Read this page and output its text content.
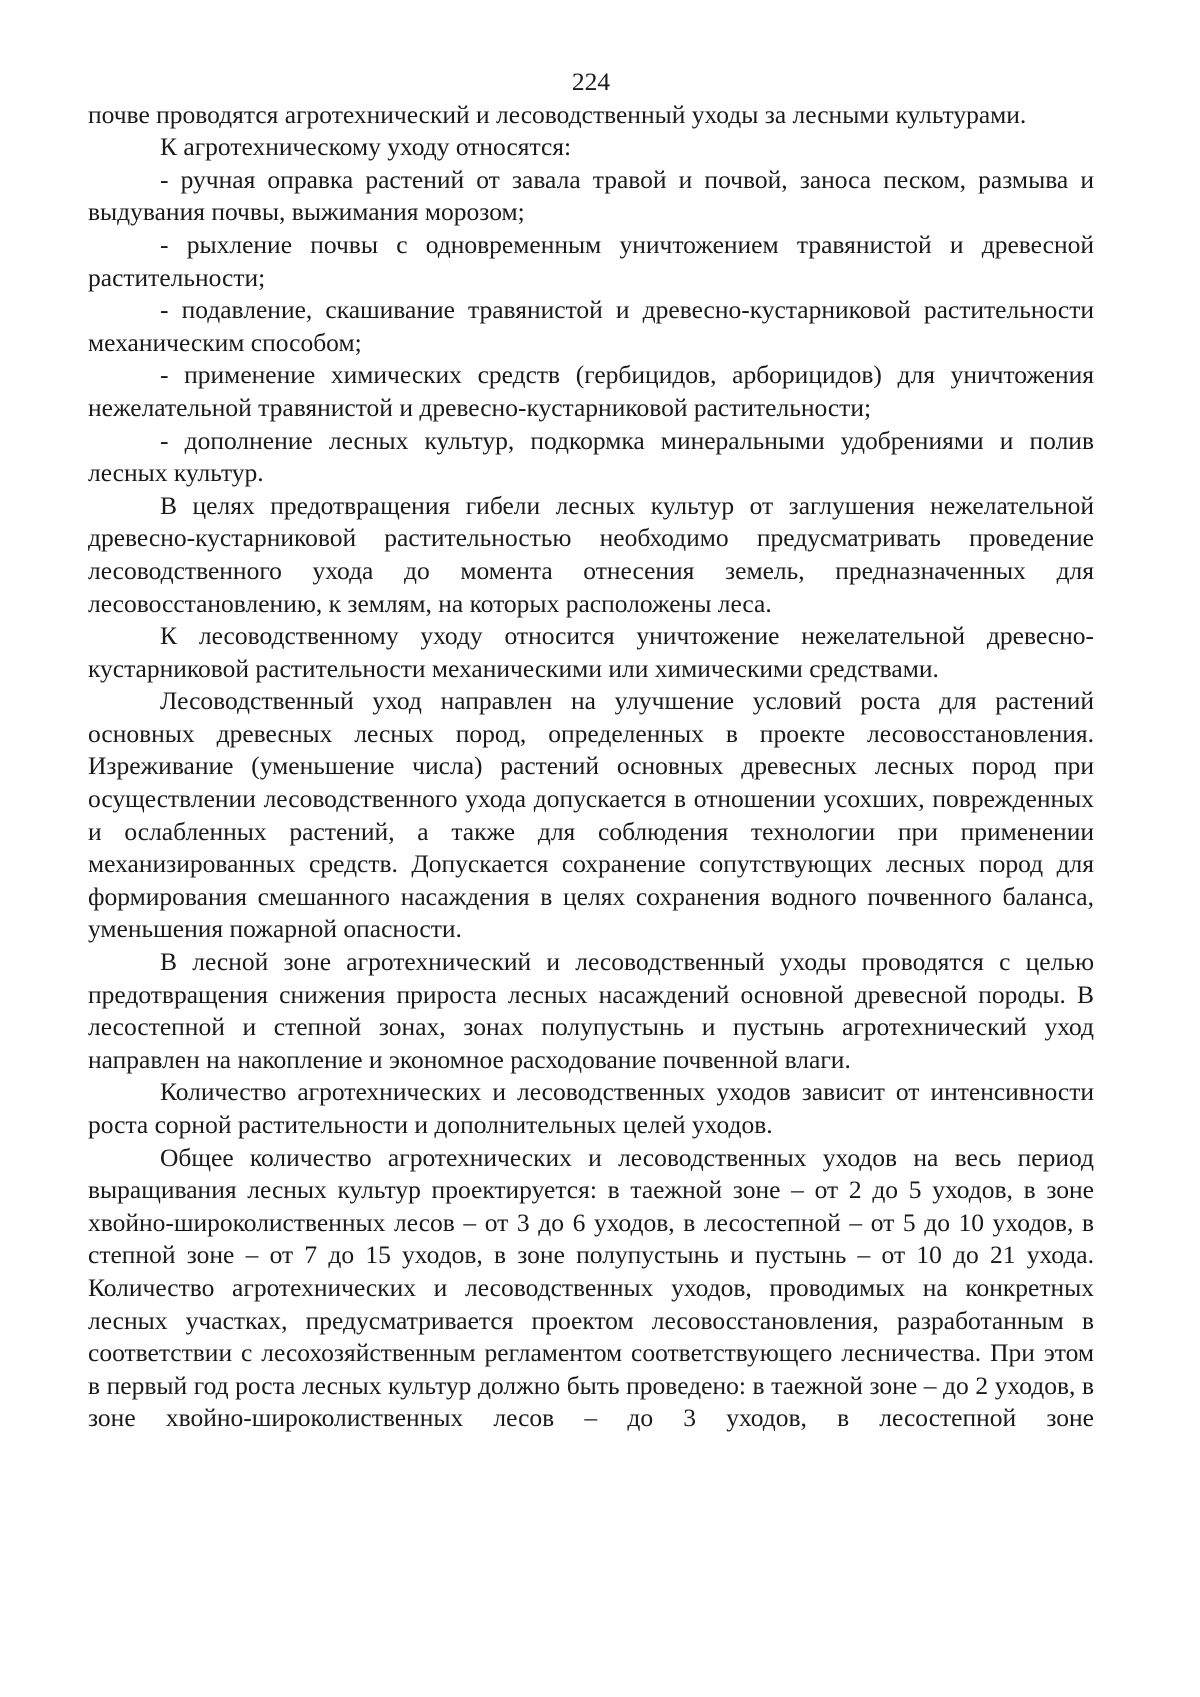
224

почве проводятся агротехнический и лесоводственный уходы за лесными культурами.

К агротехническому уходу относятся:

- ручная оправка растений от завала травой и почвой, заноса песком, размыва и выдувания почвы, выжимания морозом;

- рыхление почвы с одновременным уничтожением травянистой и древесной растительности;

- подавление, скашивание травянистой и древесно-кустарниковой растительности механическим способом;

- применение химических средств (гербицидов, арборицидов) для уничтожения нежелательной травянистой и древесно-кустарниковой растительности;

- дополнение лесных культур, подкормка минеральными удобрениями и полив лесных культур.

В целях предотвращения гибели лесных культур от заглушения нежелательной древесно-кустарниковой растительностью необходимо предусматривать проведение лесоводственного ухода до момента отнесения земель, предназначенных для лесовосстановлению, к землям, на которых расположены леса.

К лесоводственному уходу относится уничтожение нежелательной древесно-кустарниковой растительности механическими или химическими средствами.

Лесоводственный уход направлен на улучшение условий роста для растений основных древесных лесных пород, определенных в проекте лесовосстановления. Изреживание (уменьшение числа) растений основных древесных лесных пород при осуществлении лесоводственного ухода допускается в отношении усохших, поврежденных и ослабленных растений, а также для соблюдения технологии при применении механизированных средств. Допускается сохранение сопутствующих лесных пород для формирования смешанного насаждения в целях сохранения водного почвенного баланса, уменьшения пожарной опасности.

В лесной зоне агротехнический и лесоводственный уходы проводятся с целью предотвращения снижения прироста лесных насаждений основной древесной породы. В лесостепной и степной зонах, зонах полупустынь и пустынь агротехнический уход направлен на накопление и экономное расходование почвенной влаги.

Количество агротехнических и лесоводственных уходов зависит от интенсивности роста сорной растительности и дополнительных целей уходов.

Общее количество агротехнических и лесоводственных уходов на весь период выращивания лесных культур проектируется: в таежной зоне – от 2 до 5 уходов, в зоне хвойно-широколиственных лесов – от 3 до 6 уходов, в лесостепной – от 5 до 10 уходов, в степной зоне – от 7 до 15 уходов, в зоне полупустынь и пустынь – от 10 до 21 ухода. Количество агротехнических и лесоводственных уходов, проводимых на конкретных лесных участках, предусматривается проектом лесовосстановления, разработанным в соответствии с лесохозяйственным регламентом соответствующего лесничества. При этом в первый год роста лесных культур должно быть проведено: в таежной зоне – до 2 уходов, в зоне хвойно-широколиственных лесов – до 3 уходов, в лесостепной зоне
